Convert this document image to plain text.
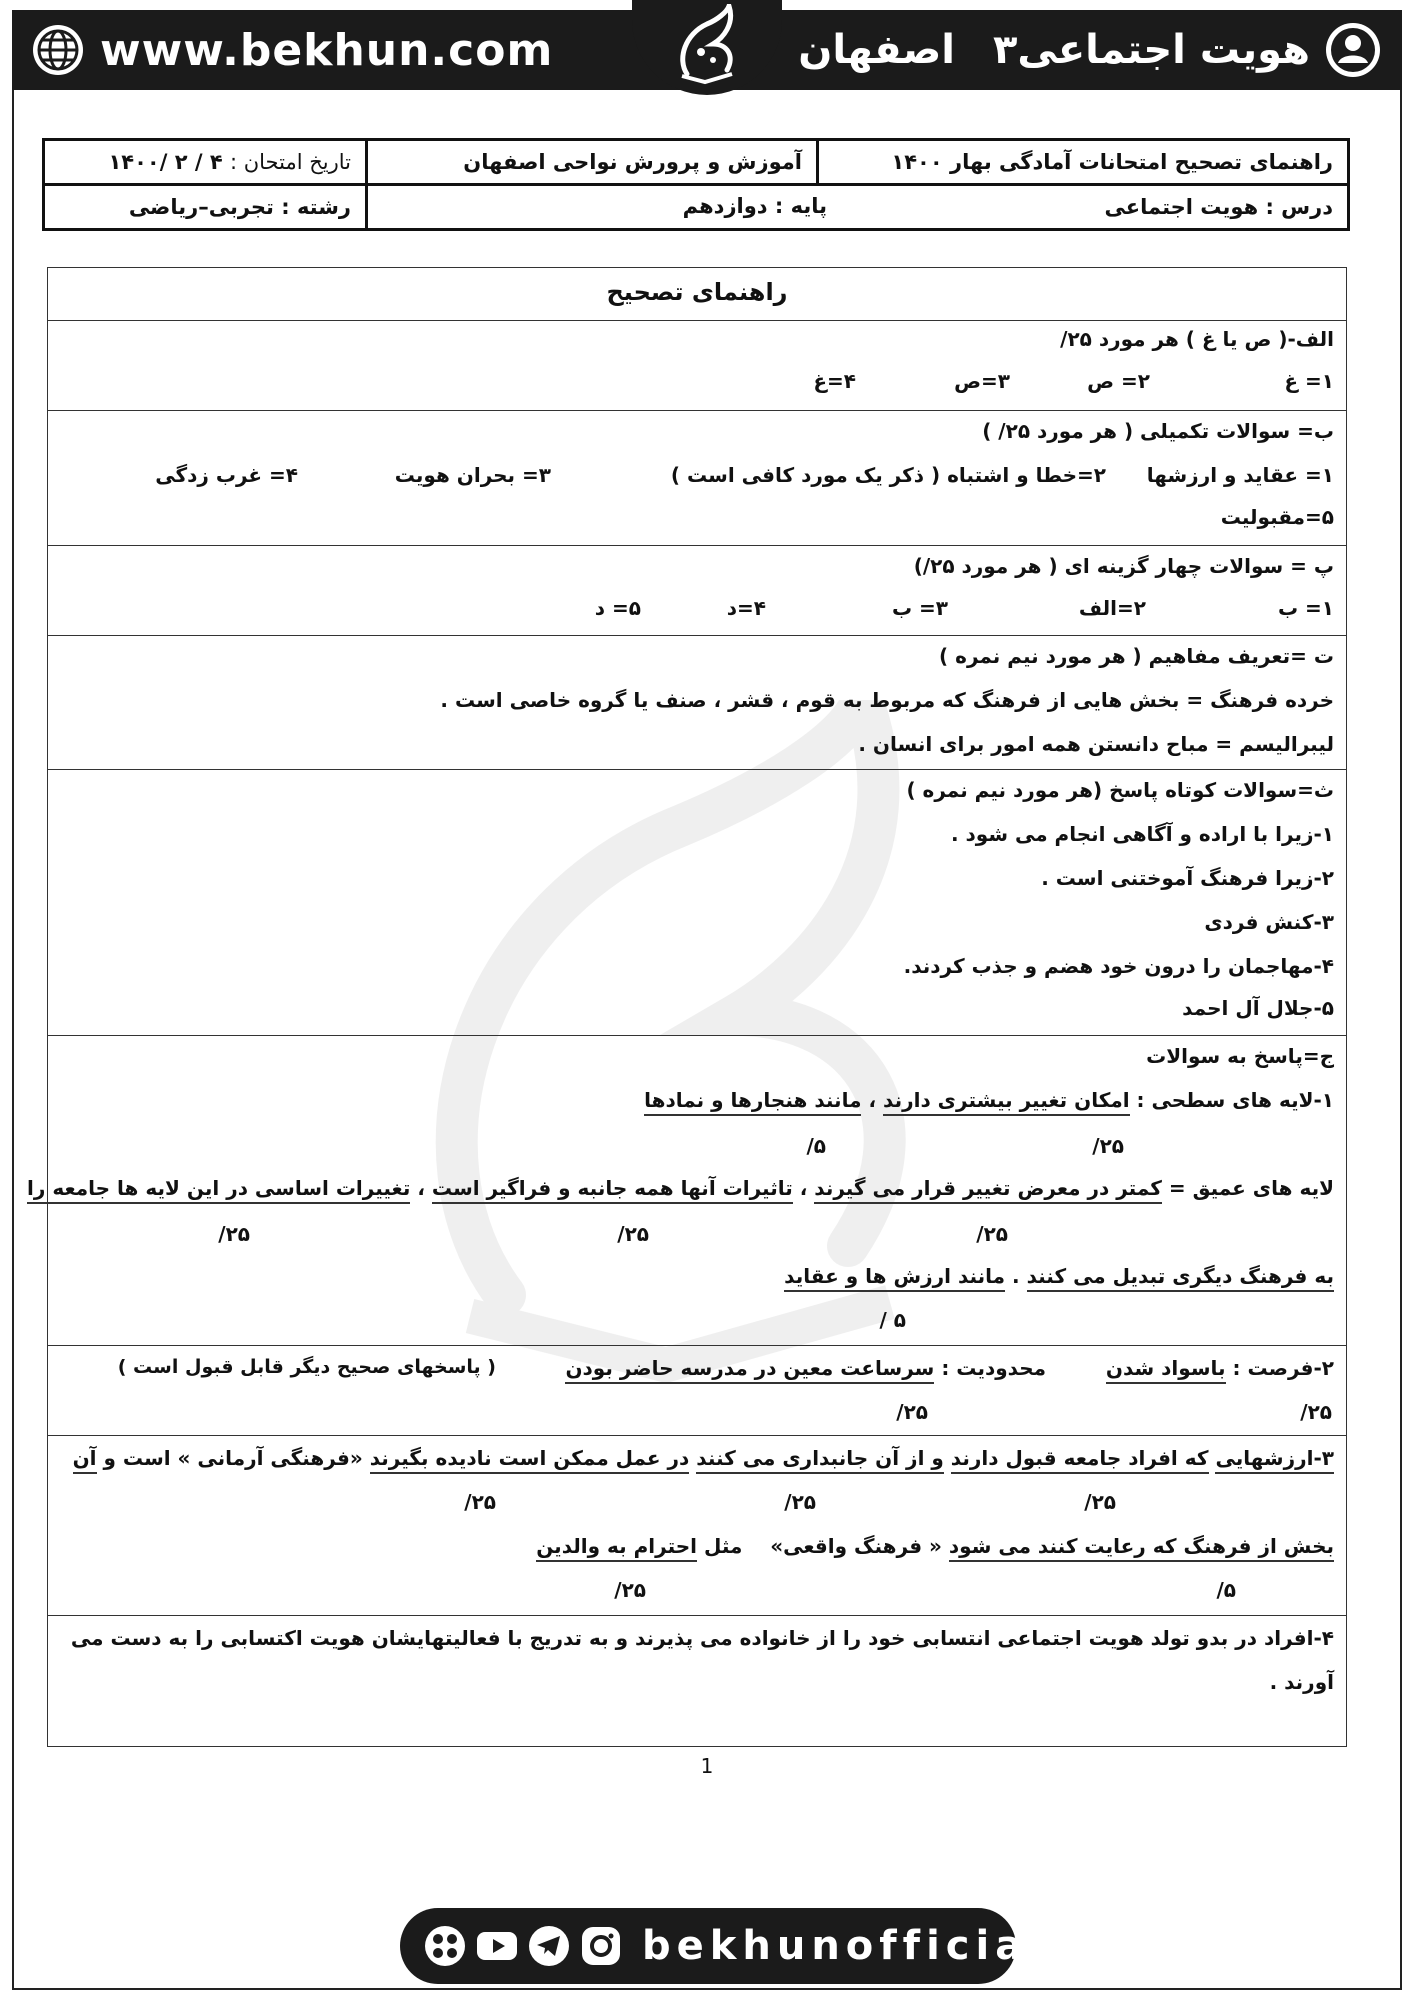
www.bekhun.com	هویت اجتماعی۳
اصفهان
راهنمای تصحیح امتحانات آمادگی بهار ۱۴۰۰	آموزش و پرورش نواحی اصفهان	تاریخ امتحان : ۴ / ۲ /۱۴۰۰
درس : هویت اجتماعی
پایه : دوازدهم		رشته : تجربی–ریاضی
راهنمای تصحیح
الف-( ص یا غ ) هر مورد ۲۵/
۱= غ
۲= ص
۳=ص
۴=غ
ب= سوالات تکمیلی ( هر مورد ۲۵/ )
۱= عقاید و ارزشها
۲=خطا و اشتباه ( ذکر یک مورد کافی است )
۳= بحران هویت
۴= غرب زدگی
۵=مقبولیت
پ = سوالات چهار گزینه ای ( هر مورد ۲۵/)
۱= ب
۲=الف
۳= ب
۴=د
۵= د
ت =تعریف مفاهیم ( هر مورد نیم نمره )
خرده فرهنگ = بخش هایی از فرهنگ که مربوط به قوم ، قشر ، صنف یا گروه خاصی است .
لیبرالیسم = مباح دانستن همه امور برای انسان .
ث=سوالات کوتاه پاسخ (هر مورد نیم نمره )
۱-زیرا با اراده و آگاهی انجام می شود .
۲-زیرا فرهنگ آموختنی است .
۳-کنش فردی
۴-مهاجمان را درون خود هضم و جذب کردند.
۵-جلال آل احمد
ج=پاسخ به سوالات
۱-لایه های سطحی : امکان تغییر بیشتری دارند ، مانند هنجارها و نمادها
۲۵/
۵/
لایه های عمیق = کمتر در معرض تغییر قرار می گیرند ، تاثیرات آنها همه جانبه و فراگیر است ، تغییرات اساسی در این لایه ها جامعه را
۲۵/
۲۵/
۲۵/
به فرهنگ دیگری تبدیل می کنند . مانند ارزش ها و عقاید
۵ /
۲-فرصت : باسواد شدن
محدودیت : سرساعت معین در مدرسه حاضر بودن
( پاسخهای صحیح دیگر قابل قبول است )
۲۵/
۲۵/
۳-ارزشهایی که افراد جامعه قبول دارند و از آن جانبداری می کنند در عمل ممکن است نادیده بگیرند «فرهنگی آرمانی » است و آن
۲۵/
۲۵/
۲۵/
بخش از فرهنگ که رعایت کنند می شود « فرهنگ واقعی»    مثل احترام به والدین
۵/
۲۵/
۴-افراد در بدو تولد هویت اجتماعی انتسابی خود را از خانواده می پذیرند و به تدریج با فعالیتهایشان هویت اکتسابی را به دست می
آورند .
1
bekhunofficial
